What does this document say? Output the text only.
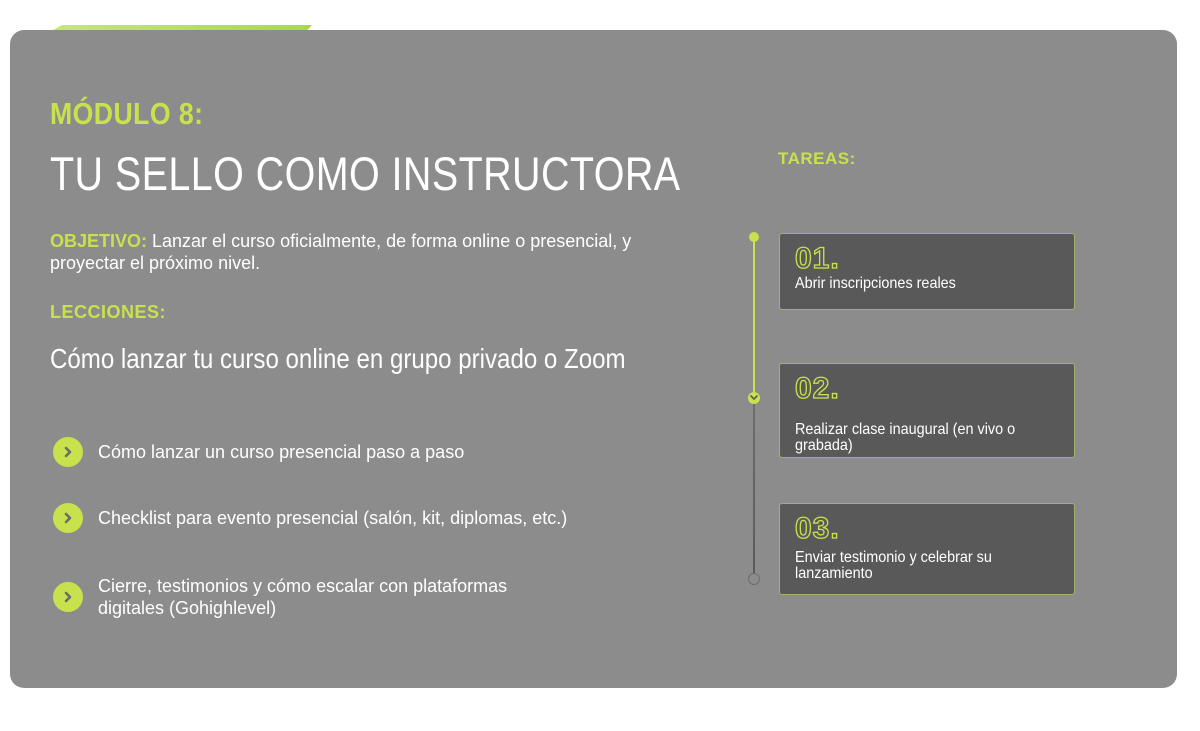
MÓDULO 8:
TU SELLO COMO INSTRUCTORA
OBJETIVO: Lanzar el curso oficialmente, de forma online o presencial, y proyectar el próximo nivel.
LECCIONES:
Cómo lanzar tu curso online en grupo privado o Zoom
Cómo lanzar un curso presencial paso a paso
Checklist para evento presencial (salón, kit, diplomas, etc.)
Cierre, testimonios y cómo escalar con plataformas digitales (Gohighlevel)
TAREAS:
01.
Abrir inscripciones reales
02.
Realizar clase inaugural (en vivo o grabada)
03.
Enviar testimonio y celebrar su lanzamiento
